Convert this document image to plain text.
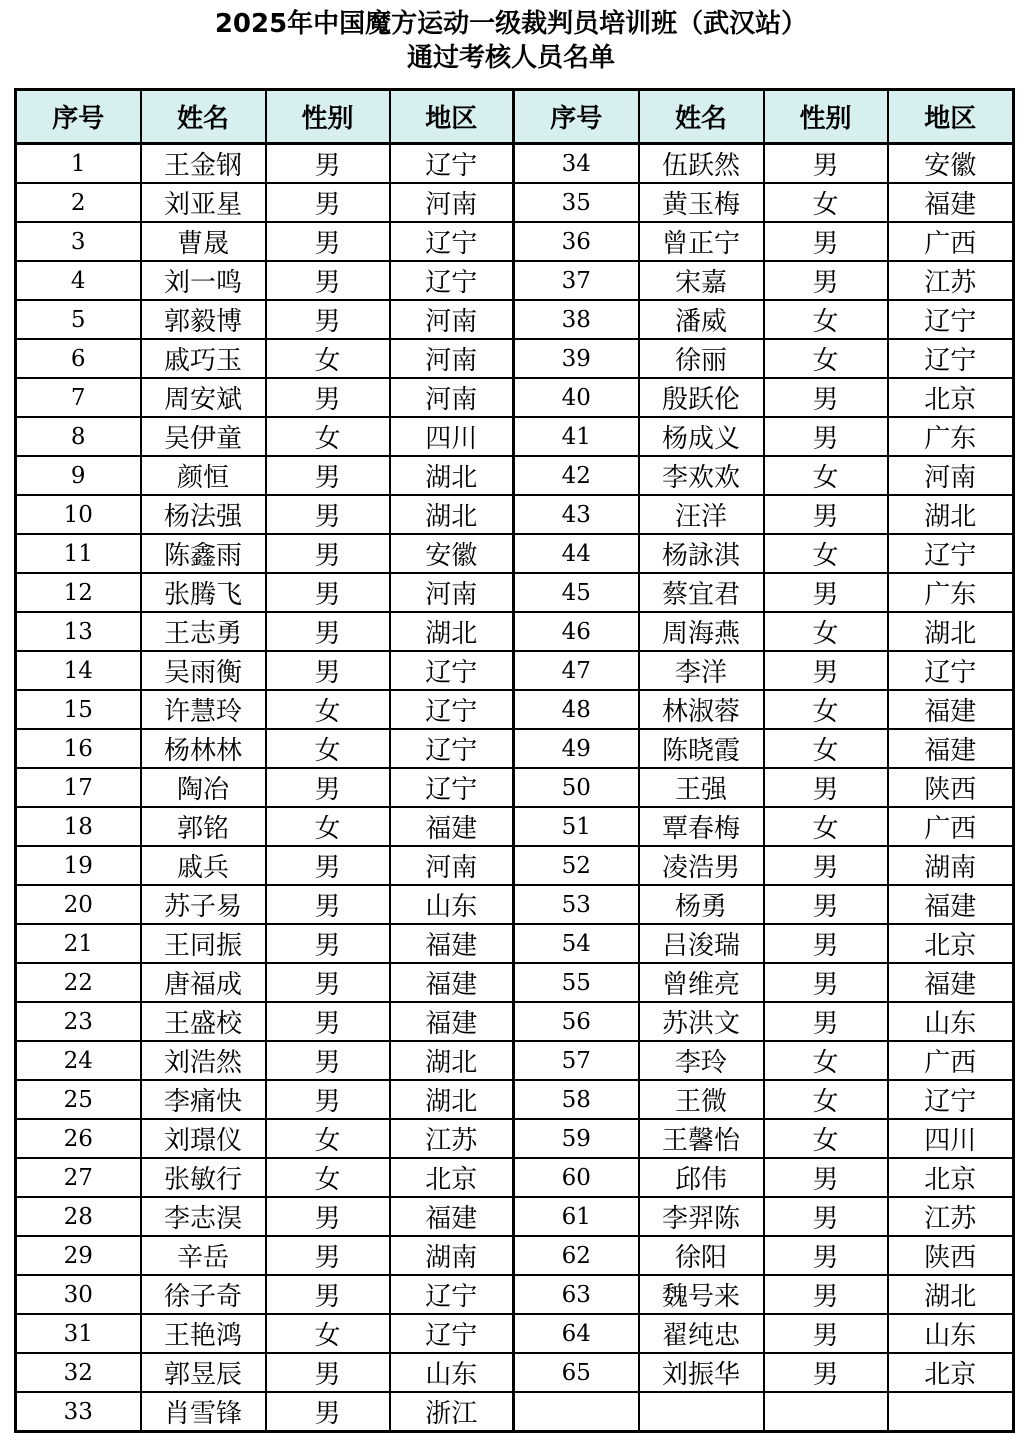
2025年中国魔方运动一级裁判员培训班（武汉站）
通过考核人员名单
序号	姓名	性别	地区	序号	姓名	性别	地区
1	王金钢	男	辽宁	34	伍跃然	男	安徽
2	刘亚星	男	河南	35	黄玉梅	女	福建
3	曹晟	男	辽宁	36	曾正宁	男	广西
4	刘一鸣	男	辽宁	37	宋嘉	男	江苏
5	郭毅博	男	河南	38	潘威	女	辽宁
6	戚巧玉	女	河南	39	徐丽	女	辽宁
7	周安斌	男	河南	40	殷跃伦	男	北京
8	吴伊童	女	四川	41	杨成义	男	广东
9	颜恒	男	湖北	42	李欢欢	女	河南
10	杨法强	男	湖北	43	汪洋	男	湖北
11	陈鑫雨	男	安徽	44	杨詠淇	女	辽宁
12	张腾飞	男	河南	45	蔡宜君	男	广东
13	王志勇	男	湖北	46	周海燕	女	湖北
14	吴雨衡	男	辽宁	47	李洋	男	辽宁
15	许慧玲	女	辽宁	48	林淑蓉	女	福建
16	杨林林	女	辽宁	49	陈晓霞	女	福建
17	陶冶	男	辽宁	50	王强	男	陕西
18	郭铭	女	福建	51	覃春梅	女	广西
19	戚兵	男	河南	52	凌浩男	男	湖南
20	苏子易	男	山东	53	杨勇	男	福建
21	王同振	男	福建	54	吕浚瑞	男	北京
22	唐福成	男	福建	55	曾维亮	男	福建
23	王盛校	男	福建	56	苏洪文	男	山东
24	刘浩然	男	湖北	57	李玲	女	广西
25	李痛快	男	湖北	58	王微	女	辽宁
26	刘璟仪	女	江苏	59	王馨怡	女	四川
27	张敏行	女	北京	60	邱伟	男	北京
28	李志淏	男	福建	61	李羿陈	男	江苏
29	辛岳	男	湖南	62	徐阳	男	陕西
30	徐子奇	男	辽宁	63	魏号来	男	湖北
31	王艳鸿	女	辽宁	64	翟纯忠	男	山东
32	郭昱辰	男	山东	65	刘振华	男	北京
33	肖雪锋	男	浙江				
